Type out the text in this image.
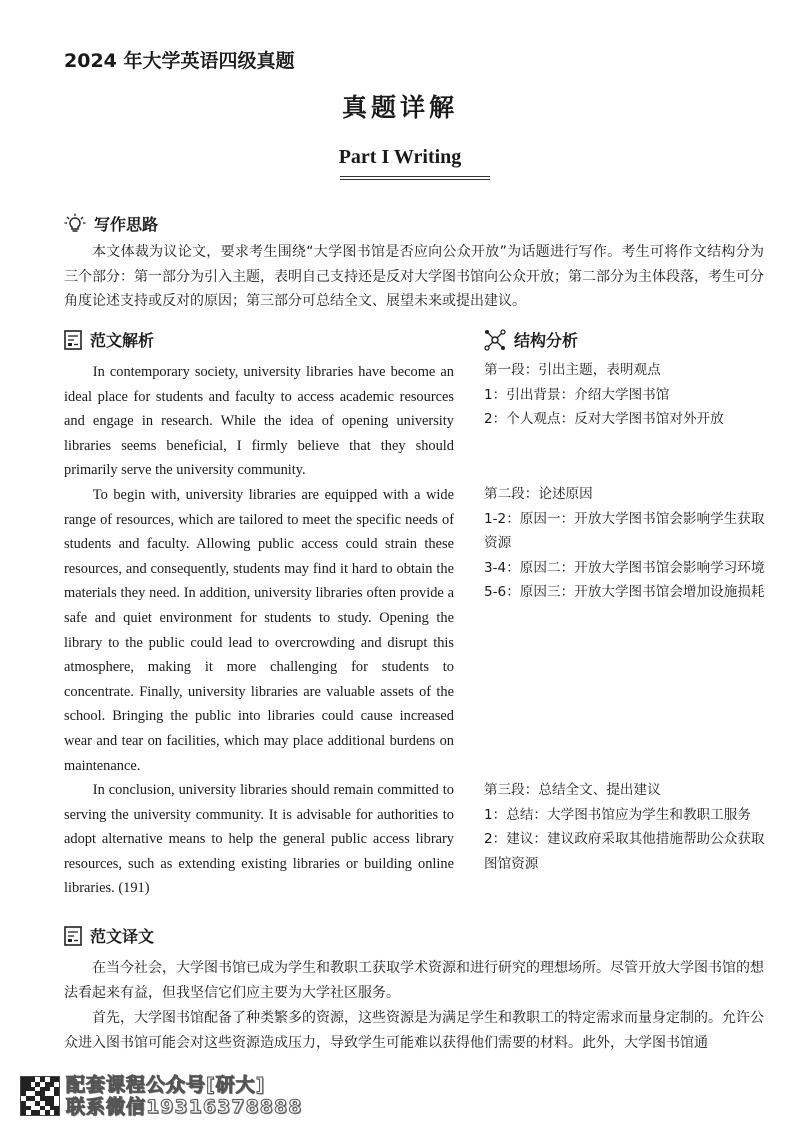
2024 年大学英语四级真题
真题详解
Part I Writing
写作思路
本文体裁为议论文，要求考生围绕“大学图书馆是否应向公众开放”为话题进行写作。考生可将作文结构分为三个部分：第一部分为引入主题，表明自己支持还是反对大学图书馆向公众开放；第二部分为主体段落，考生可分角度论述支持或反对的原因；第三部分可总结全文、展望未来或提出建议。
范文解析	结构分析

In contemporary society, university libraries have become an ideal place for students and faculty to access academic resources and engage in research. While the idea of opening university libraries seems beneficial, I firmly believe that they should primarily serve the university community.

To begin with, university libraries are equipped with a wide range of resources, which are tailored to meet the specific needs of students and faculty. Allowing public access could strain these resources, and consequently, students may find it hard to obtain the materials they need. In addition, university libraries often provide a safe and quiet environment for students to study. Opening the library to the public could lead to overcrowding and disrupt this atmosphere, making it more challenging for students to concentrate. Finally, university libraries are valuable assets of the school. Bringing the public into libraries could cause increased wear and tear on facilities, which may place additional burdens on maintenance.

In conclusion, university libraries should remain committed to serving the university community. It is advisable for authorities to adopt alternative means to help the general public access library resources, such as extending existing libraries or building online libraries. (191)

第一段：引出主题，表明观点
1：引出背景：介绍大学图书馆
2：个人观点：反对大学图书馆对外开放
第二段：论述原因
1-2：原因一：开放大学图书馆会影响学生获取资源
3-4：原因二：开放大学图书馆会影响学习环境
5-6：原因三：开放大学图书馆会增加设施损耗
第三段：总结全文、提出建议
1：总结：大学图书馆应为学生和教职工服务
2：建议：建议政府采取其他措施帮助公众获取图馆资源
范文译文
在当今社会，大学图书馆已成为学生和教职工获取学术资源和进行研究的理想场所。尽管开放大学图书馆的想法看起来有益，但我坚信它们应主要为大学社区服务。
首先，大学图书馆配备了种类繁多的资源，这些资源是为满足学生和教职工的特定需求而量身定制的。允许公众进入图书馆可能会对这些资源造成压力，导致学生可能难以获得他们需要的材料。此外，大学图书馆通
配套课程公众号[研大]
联系微信19316378888
